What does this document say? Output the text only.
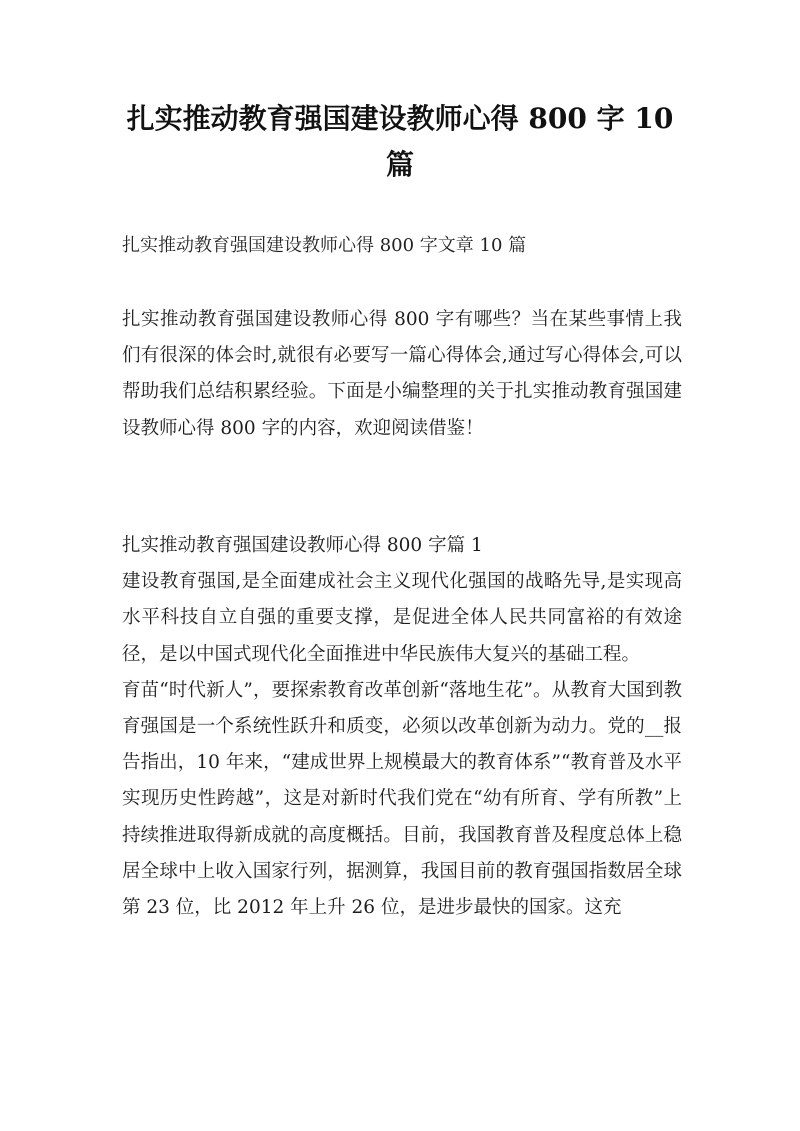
扎实推动教育强国建设教师心得 800 字 10 篇

扎实推动教育强国建设教师心得 800 字文章 10 篇

扎实推动教育强国建设教师心得 800 字有哪些？当在某些事情上我们有很深的体会时,就很有必要写一篇心得体会,通过写心得体会,可以帮助我们总结积累经验。下面是小编整理的关于扎实推动教育强国建设教师心得 800 字的内容，欢迎阅读借鉴！

扎实推动教育强国建设教师心得 800 字篇 1

建设教育强国,是全面建成社会主义现代化强国的战略先导,是实现高水平科技自立自强的重要支撑，是促进全体人民共同富裕的有效途径，是以中国式现代化全面推进中华民族伟大复兴的基础工程。

育苗“时代新人”，要探索教育改革创新“落地生花”。从教育大国到教育强国是一个系统性跃升和质变，必须以改革创新为动力。党的__报告指出，10 年来，“建成世界上规模最大的教育体系”“教育普及水平实现历史性跨越”，这是对新时代我们党在“幼有所育、学有所教”上持续推进取得新成就的高度概括。目前，我国教育普及程度总体上稳居全球中上收入国家行列，据测算，我国目前的教育强国指数居全球第 23 位，比 2012 年上升 26 位，是进步最快的国家。这充
